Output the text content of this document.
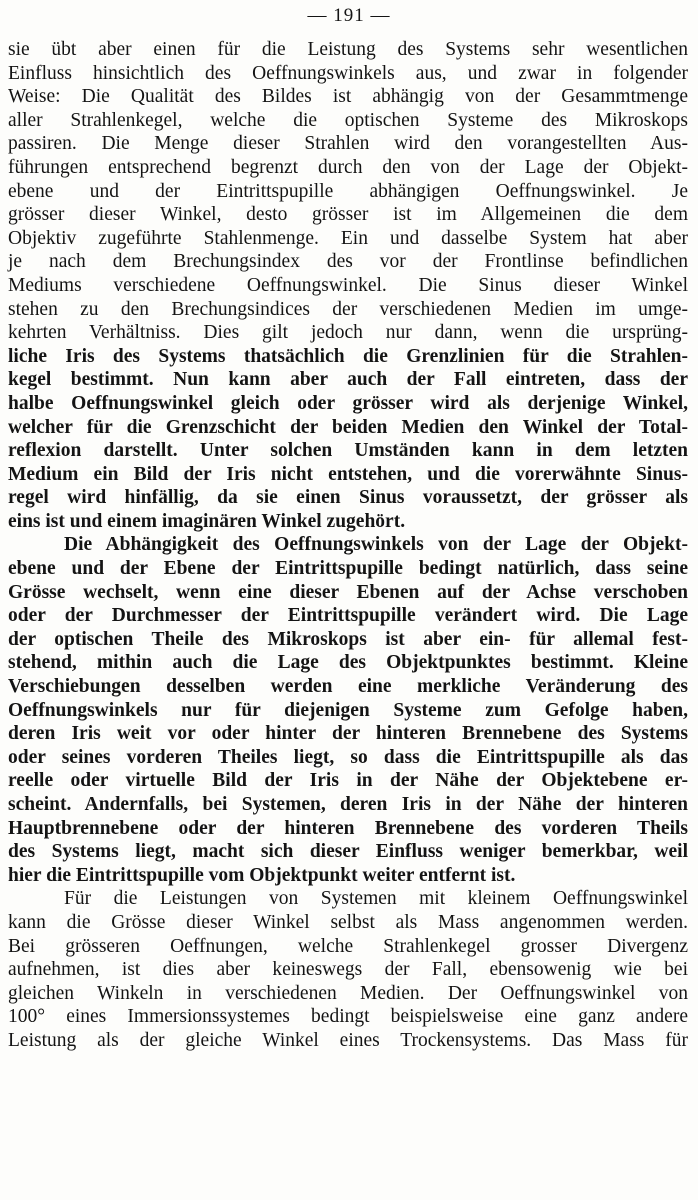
— 191 —
sie übt aber einen für die Leistung des Systems sehr wesentlichen
Einfluss hinsichtlich des Oeffnungswinkels aus, und zwar in folgender
Weise: Die Qualität des Bildes ist abhängig von der Gesammtmenge
aller Strahlenkegel, welche die optischen Systeme des Mikroskops
passiren. Die Menge dieser Strahlen wird den vorangestellten Aus-
führungen entsprechend begrenzt durch den von der Lage der Objekt-
ebene und der Eintrittspupille abhängigen Oeffnungswinkel. Je
grösser dieser Winkel, desto grösser ist im Allgemeinen die dem
Objektiv zugeführte Stahlenmenge. Ein und dasselbe System hat aber
je nach dem Brechungsindex des vor der Frontlinse befindlichen
Mediums verschiedene Oeffnungswinkel. Die Sinus dieser Winkel
stehen zu den Brechungsindices der verschiedenen Medien im umge-
kehrten Verhältniss. Dies gilt jedoch nur dann, wenn die ursprüng-
liche Iris des Systems thatsächlich die Grenzlinien für die Strahlen-
kegel bestimmt. Nun kann aber auch der Fall eintreten, dass der
halbe Oeffnungswinkel gleich oder grösser wird als derjenige Winkel,
welcher für die Grenzschicht der beiden Medien den Winkel der Total-
reflexion darstellt. Unter solchen Umständen kann in dem letzten
Medium ein Bild der Iris nicht entstehen, und die vorerwähnte Sinus-
regel wird hinfällig, da sie einen Sinus voraussetzt, der grösser als
eins ist und einem imaginären Winkel zugehört.
Die Abhängigkeit des Oeffnungswinkels von der Lage der Objekt-
ebene und der Ebene der Eintrittspupille bedingt natürlich, dass seine
Grösse wechselt, wenn eine dieser Ebenen auf der Achse verschoben
oder der Durchmesser der Eintrittspupille verändert wird. Die Lage
der optischen Theile des Mikroskops ist aber ein- für allemal fest-
stehend, mithin auch die Lage des Objektpunktes bestimmt. Kleine
Verschiebungen desselben werden eine merkliche Veränderung des
Oeffnungswinkels nur für diejenigen Systeme zum Gefolge haben,
deren Iris weit vor oder hinter der hinteren Brennebene des Systems
oder seines vorderen Theiles liegt, so dass die Eintrittspupille als das
reelle oder virtuelle Bild der Iris in der Nähe der Objektebene er-
scheint. Andernfalls, bei Systemen, deren Iris in der Nähe der hinteren
Hauptbrennebene oder der hinteren Brennebene des vorderen Theils
des Systems liegt, macht sich dieser Einfluss weniger bemerkbar, weil
hier die Eintrittspupille vom Objektpunkt weiter entfernt ist.
Für die Leistungen von Systemen mit kleinem Oeffnungswinkel
kann die Grösse dieser Winkel selbst als Mass angenommen werden.
Bei grösseren Oeffnungen, welche Strahlenkegel grosser Divergenz
aufnehmen, ist dies aber keineswegs der Fall, ebensowenig wie bei
gleichen Winkeln in verschiedenen Medien. Der Oeffnungswinkel von
100° eines Immersionssystemes bedingt beispielsweise eine ganz andere
Leistung als der gleiche Winkel eines Trockensystems. Das Mass für
